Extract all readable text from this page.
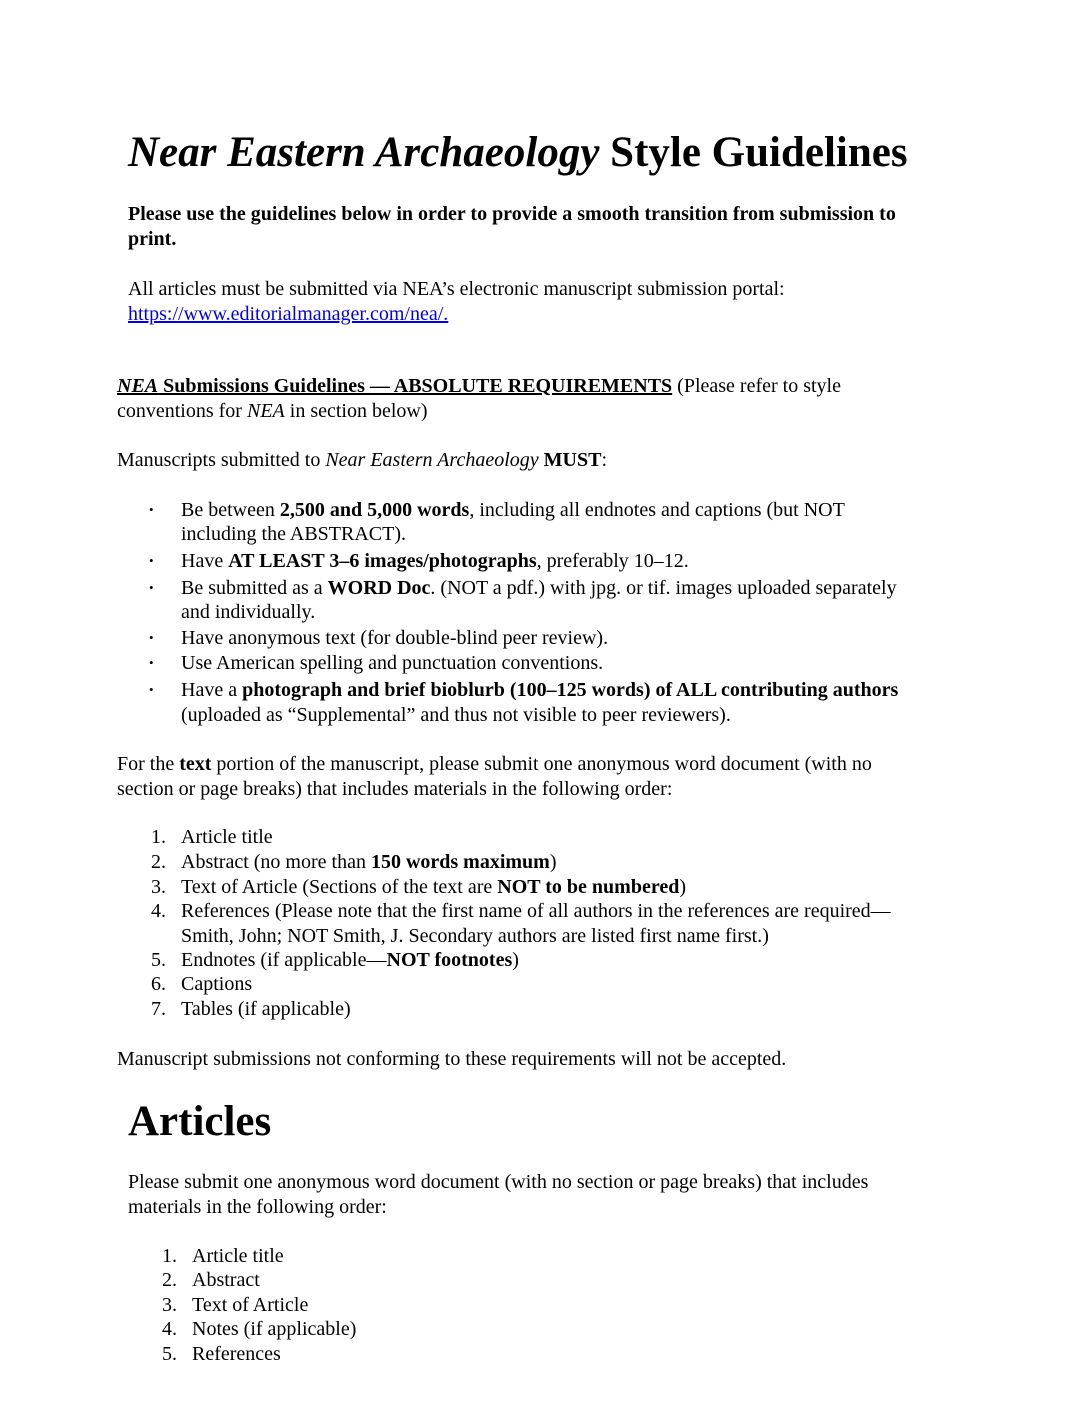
Near Eastern Archaeology Style Guidelines
Please use the guidelines below in order to provide a smooth transition from submission to
print.
All articles must be submitted via NEA’s electronic manuscript submission portal:
https://www.editorialmanager.com/nea/.
NEA Submissions Guidelines — ABSOLUTE REQUIREMENTS (Please refer to style
conventions for NEA in section below)
Manuscripts submitted to Near Eastern Archaeology MUST:
• Be between 2,500 and 5,000 words, including all endnotes and captions (but NOT
including the ABSTRACT).
• Have AT LEAST 3–6 images/photographs, preferably 10–12.
• Be submitted as a WORD Doc. (NOT a pdf.) with jpg. or tif. images uploaded separately
and individually.
• Have anonymous text (for double-blind peer review).
• Use American spelling and punctuation conventions.
• Have a photograph and brief bioblurb (100–125 words) of ALL contributing authors
(uploaded as “Supplemental” and thus not visible to peer reviewers).
For the text portion of the manuscript, please submit one anonymous word document (with no
section or page breaks) that includes materials in the following order:
1. Article title
2. Abstract (no more than 150 words maximum)
3. Text of Article (Sections of the text are NOT to be numbered)
4. References (Please note that the first name of all authors in the references are required—
Smith, John; NOT Smith, J. Secondary authors are listed first name first.)
5. Endnotes (if applicable—NOT footnotes)
6. Captions
7. Tables (if applicable)
Manuscript submissions not conforming to these requirements will not be accepted.
Articles
Please submit one anonymous word document (with no section or page breaks) that includes
materials in the following order:
1. Article title
2. Abstract
3. Text of Article
4. Notes (if applicable)
5. References
